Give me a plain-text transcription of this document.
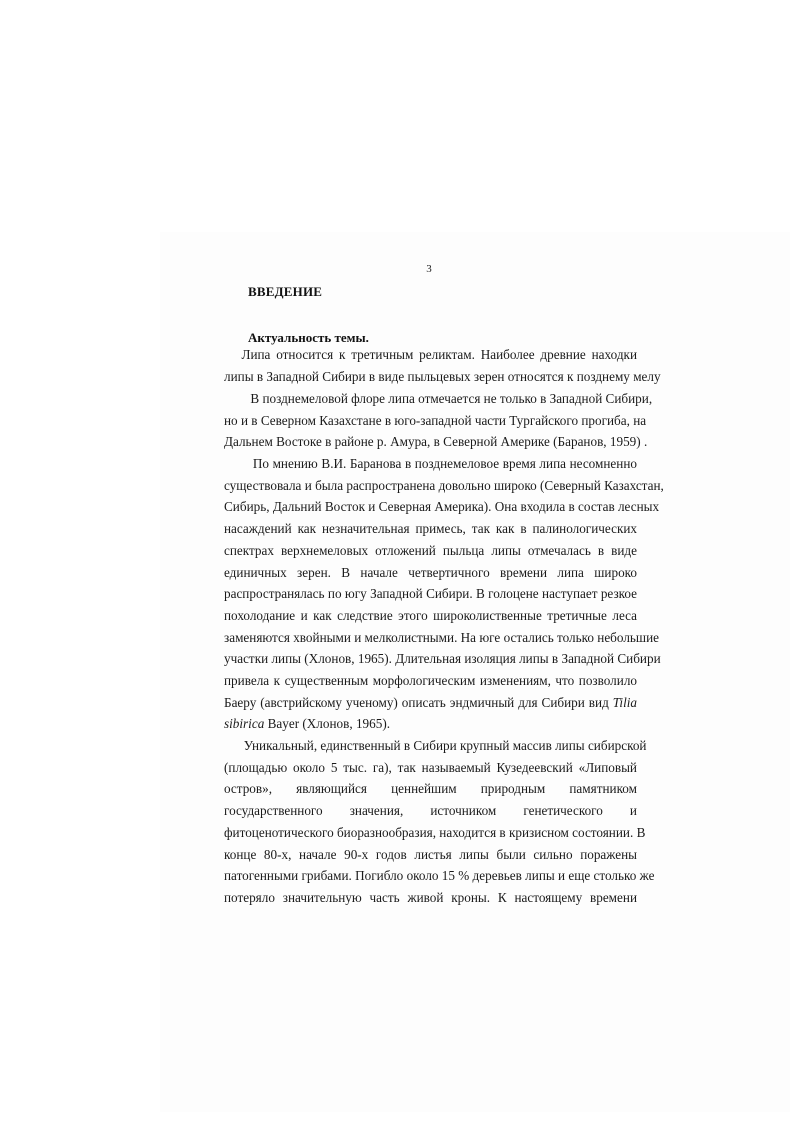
3
ВВЕДЕНИЕ
Актуальность темы.
Липа относится к третичным реликтам. Наиболее древние находки
липы в Западной Сибири в виде пыльцевых зерен относятся к позднему мелу
В позднемеловой флоре липа отмечается не только в Западной Сибири,
но и в Северном Казахстане в юго-западной части Тургайского прогиба, на
Дальнем Востоке в районе р. Амура, в Северной Америке (Баранов, 1959) .
По мнению В.И. Баранова в позднемеловое время липа несомненно
существовала и была распространена довольно широко (Северный Казахстан,
Сибирь, Дальний Восток и Северная Америка). Она входила в состав лесных
насаждений как незначительная примесь, так как в палинологических
спектрах верхнемеловых отложений пыльца липы отмечалась в виде
единичных зерен. В начале четвертичного времени липа широко
распространялась по югу Западной Сибири. В голоцене наступает резкое
похолодание и как следствие этого широколиственные третичные леса
заменяются хвойными и мелколистными. На юге остались только небольшие
участки липы (Хлонов, 1965). Длительная изоляция липы в Западной Сибири
привела к существенным морфологическим изменениям, что позволило
Баеру (австрийскому ученому) описать эндмичный для Сибири вид Tilia
sibirica Bayer (Хлонов, 1965).
Уникальный, единственный в Сибири крупный массив липы сибирской
(площадью около 5 тыс. га), так называемый Кузедеевский «Липовый
остров», являющийся ценнейшим природным памятником
государственного значения, источником генетического и
фитоценотического биоразнообразия, находится в кризисном состоянии. В
конце 80-х, начале 90-х годов листья липы были сильно поражены
патогенными грибами. Погибло около 15 % деревьев липы и еще столько же
потеряло значительную часть живой кроны. К настоящему времени
